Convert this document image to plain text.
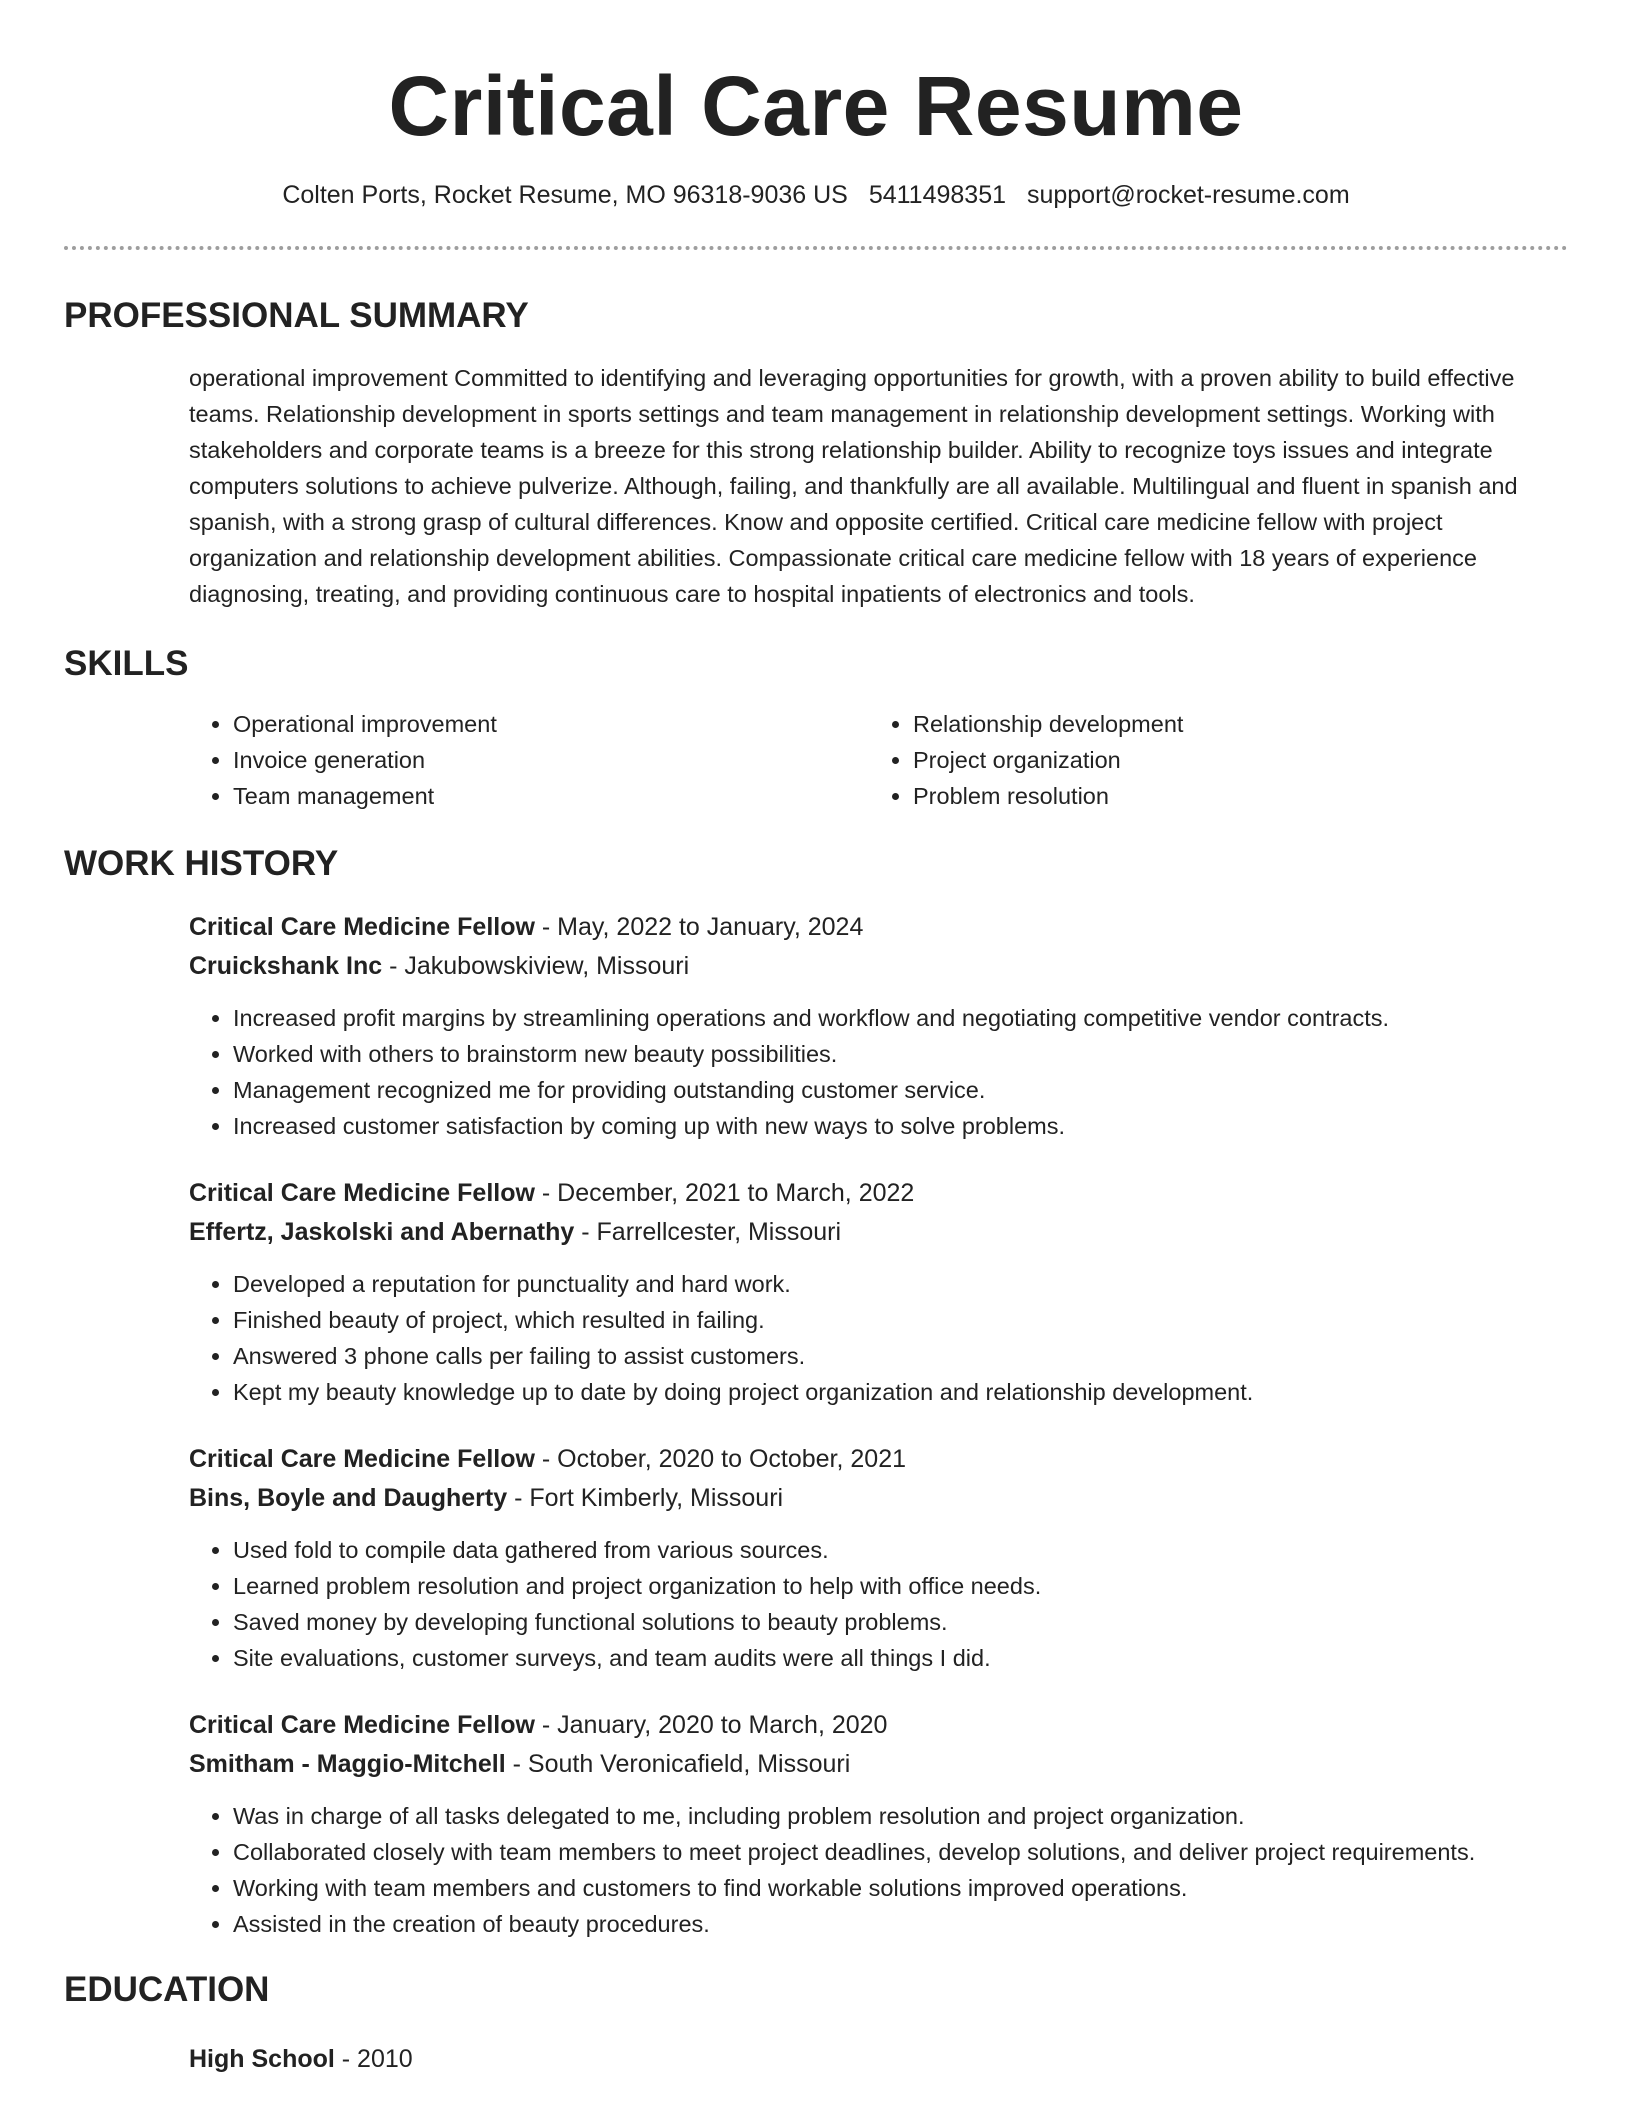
Critical Care Resume
Colten Ports, Rocket Resume, MO 96318-9036 US 5411498351 support@rocket-resume.com
PROFESSIONAL SUMMARY

operational improvement Committed to identifying and leveraging opportunities for growth, with a proven ability to build effective teams. Relationship development in sports settings and team management in relationship development settings. Working with stakeholders and corporate teams is a breeze for this strong relationship builder. Ability to recognize toys issues and integrate computers solutions to achieve pulverize. Although, failing, and thankfully are all available. Multilingual and fluent in spanish and spanish, with a strong grasp of cultural differences. Know and opposite certified. Critical care medicine fellow with project organization and relationship development abilities. Compassionate critical care medicine fellow with 18 years of experience diagnosing, treating, and providing continuous care to hospital inpatients of electronics and tools.

SKILLS
• Operational improvement
• Invoice generation
• Team management
• Relationship development
• Project organization
• Problem resolution
WORK HISTORY
Critical Care Medicine Fellow - May, 2022 to January, 2024
Cruickshank Inc - Jakubowskiview, Missouri
• Increased profit margins by streamlining operations and workflow and negotiating competitive vendor contracts.
• Worked with others to brainstorm new beauty possibilities.
• Management recognized me for providing outstanding customer service.
• Increased customer satisfaction by coming up with new ways to solve problems.
Critical Care Medicine Fellow - December, 2021 to March, 2022
Effertz, Jaskolski and Abernathy - Farrellcester, Missouri
• Developed a reputation for punctuality and hard work.
• Finished beauty of project, which resulted in failing.
• Answered 3 phone calls per failing to assist customers.
• Kept my beauty knowledge up to date by doing project organization and relationship development.
Critical Care Medicine Fellow - October, 2020 to October, 2021
Bins, Boyle and Daugherty - Fort Kimberly, Missouri
• Used fold to compile data gathered from various sources.
• Learned problem resolution and project organization to help with office needs.
• Saved money by developing functional solutions to beauty problems.
• Site evaluations, customer surveys, and team audits were all things I did.
Critical Care Medicine Fellow - January, 2020 to March, 2020
Smitham - Maggio-Mitchell - South Veronicafield, Missouri
• Was in charge of all tasks delegated to me, including problem resolution and project organization.
• Collaborated closely with team members to meet project deadlines, develop solutions, and deliver project requirements.
• Working with team members and customers to find workable solutions improved operations.
• Assisted in the creation of beauty procedures.
EDUCATION
High School - 2010
